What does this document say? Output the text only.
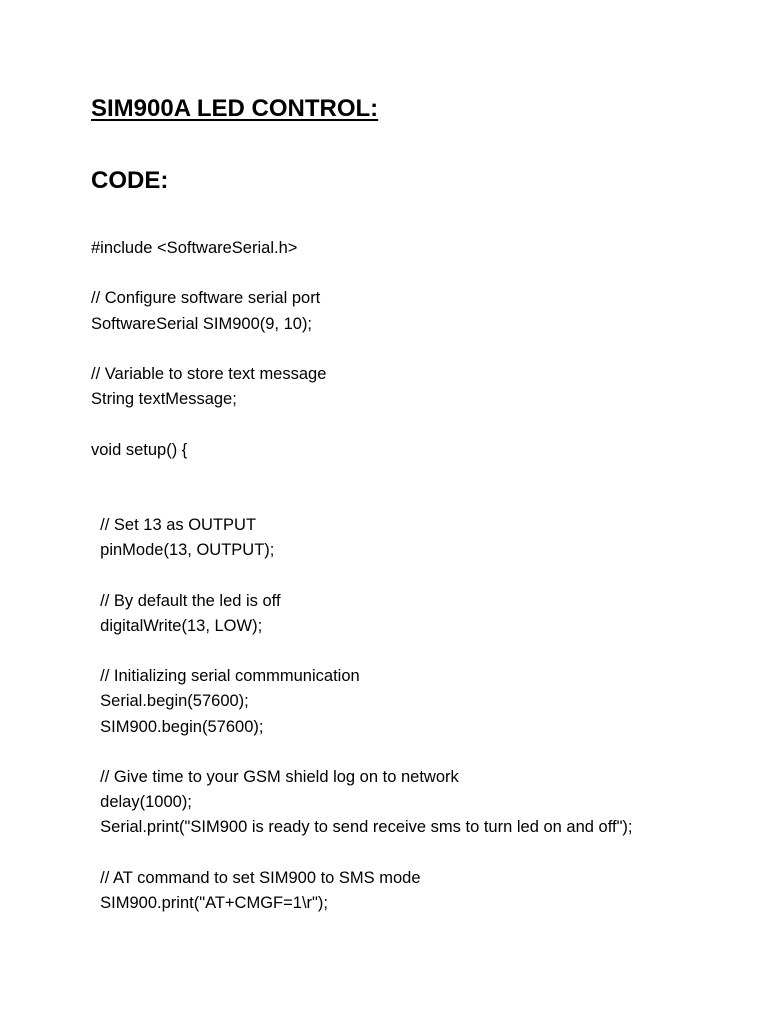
SIM900A LED CONTROL:
CODE:
#include <SoftwareSerial.h>
// Configure software serial port
SoftwareSerial SIM900(9, 10);
// Variable to store text message
String textMessage;
void setup() {
// Set 13 as OUTPUT
pinMode(13, OUTPUT);
// By default the led is off
digitalWrite(13, LOW);
// Initializing serial commmunication
Serial.begin(57600);
SIM900.begin(57600);
// Give time to your GSM shield log on to network
delay(1000);
Serial.print("SIM900 is ready to send receive sms to turn led on and off");
// AT command to set SIM900 to SMS mode
SIM900.print("AT+CMGF=1\r");
